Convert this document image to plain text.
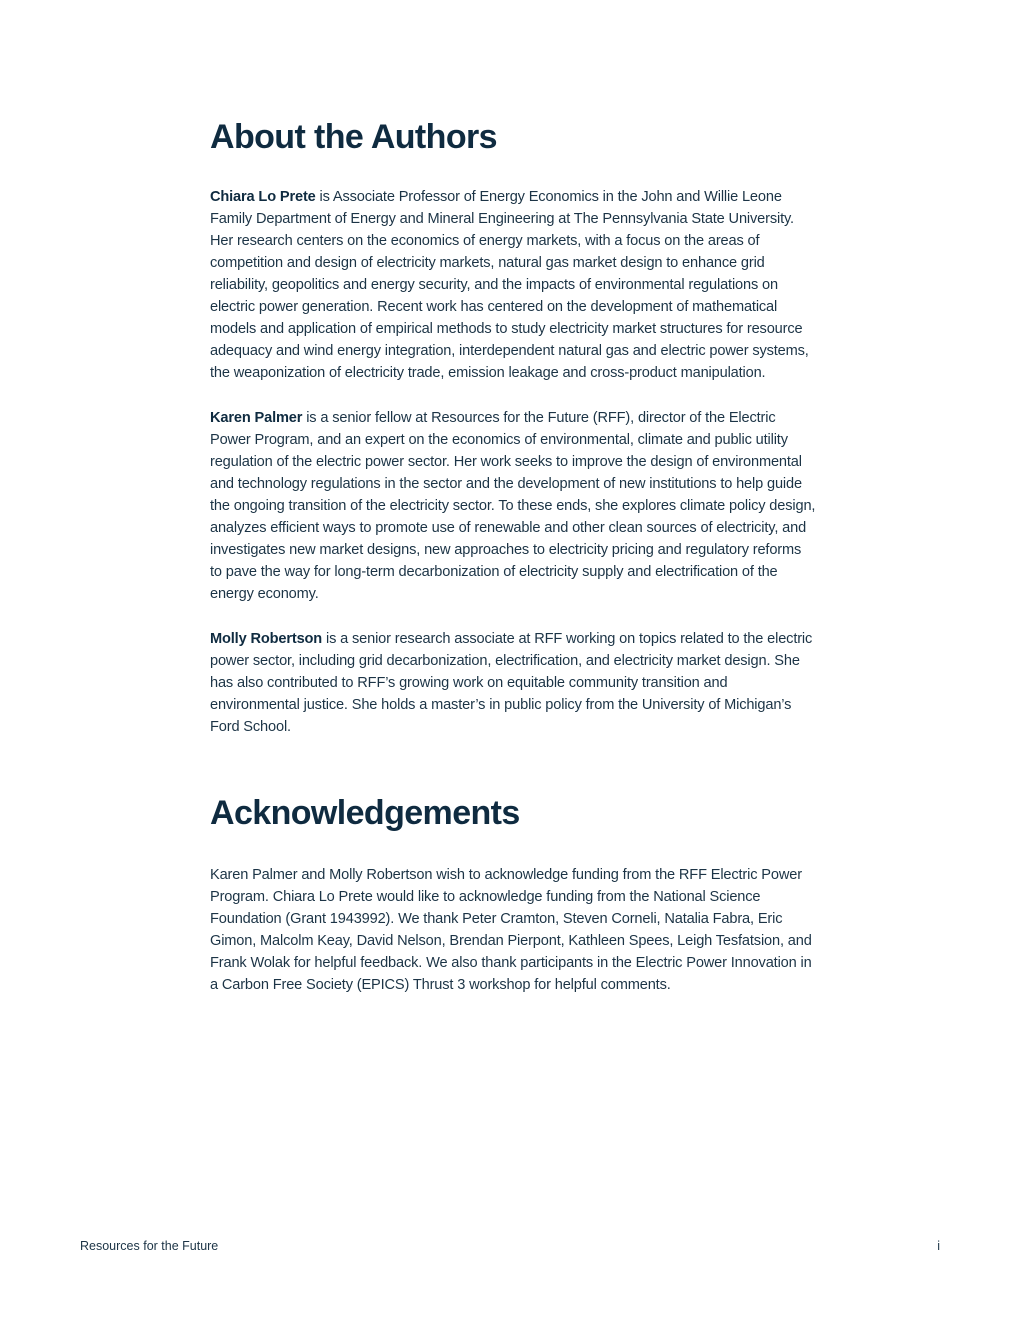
About the Authors

Chiara Lo Prete is Associate Professor of Energy Economics in the John and Willie Leone Family Department of Energy and Mineral Engineering at The Pennsylvania State University. Her research centers on the economics of energy markets, with a focus on the areas of competition and design of electricity markets, natural gas market design to enhance grid reliability, geopolitics and energy security, and the impacts of environmental regulations on electric power generation. Recent work has centered on the development of mathematical models and application of empirical methods to study electricity market structures for resource adequacy and wind energy integration, interdependent natural gas and electric power systems, the weaponization of electricity trade, emission leakage and cross-product manipulation.

Karen Palmer is a senior fellow at Resources for the Future (RFF), director of the Electric Power Program, and an expert on the economics of environmental, climate and public utility regulation of the electric power sector. Her work seeks to improve the design of environmental and technology regulations in the sector and the development of new institutions to help guide the ongoing transition of the electricity sector. To these ends, she explores climate policy design, analyzes efficient ways to promote use of renewable and other clean sources of electricity, and investigates new market designs, new approaches to electricity pricing and regulatory reforms to pave the way for long-term decarbonization of electricity supply and electrification of the energy economy.

Molly Robertson is a senior research associate at RFF working on topics related to the electric power sector, including grid decarbonization, electrification, and electricity market design. She has also contributed to RFF’s growing work on equitable community transition and environmental justice. She holds a master’s in public policy from the University of Michigan’s Ford School.

Acknowledgements

Karen Palmer and Molly Robertson wish to acknowledge funding from the RFF Electric Power Program. Chiara Lo Prete would like to acknowledge funding from the National Science Foundation (Grant 1943992). We thank Peter Cramton, Steven Corneli, Natalia Fabra, Eric Gimon, Malcolm Keay, David Nelson, Brendan Pierpont, Kathleen Spees, Leigh Tesfatsion, and Frank Wolak for helpful feedback. We also thank participants in the Electric Power Innovation in a Carbon Free Society (EPICS) Thrust 3 workshop for helpful comments.

Resources for the Future	i
